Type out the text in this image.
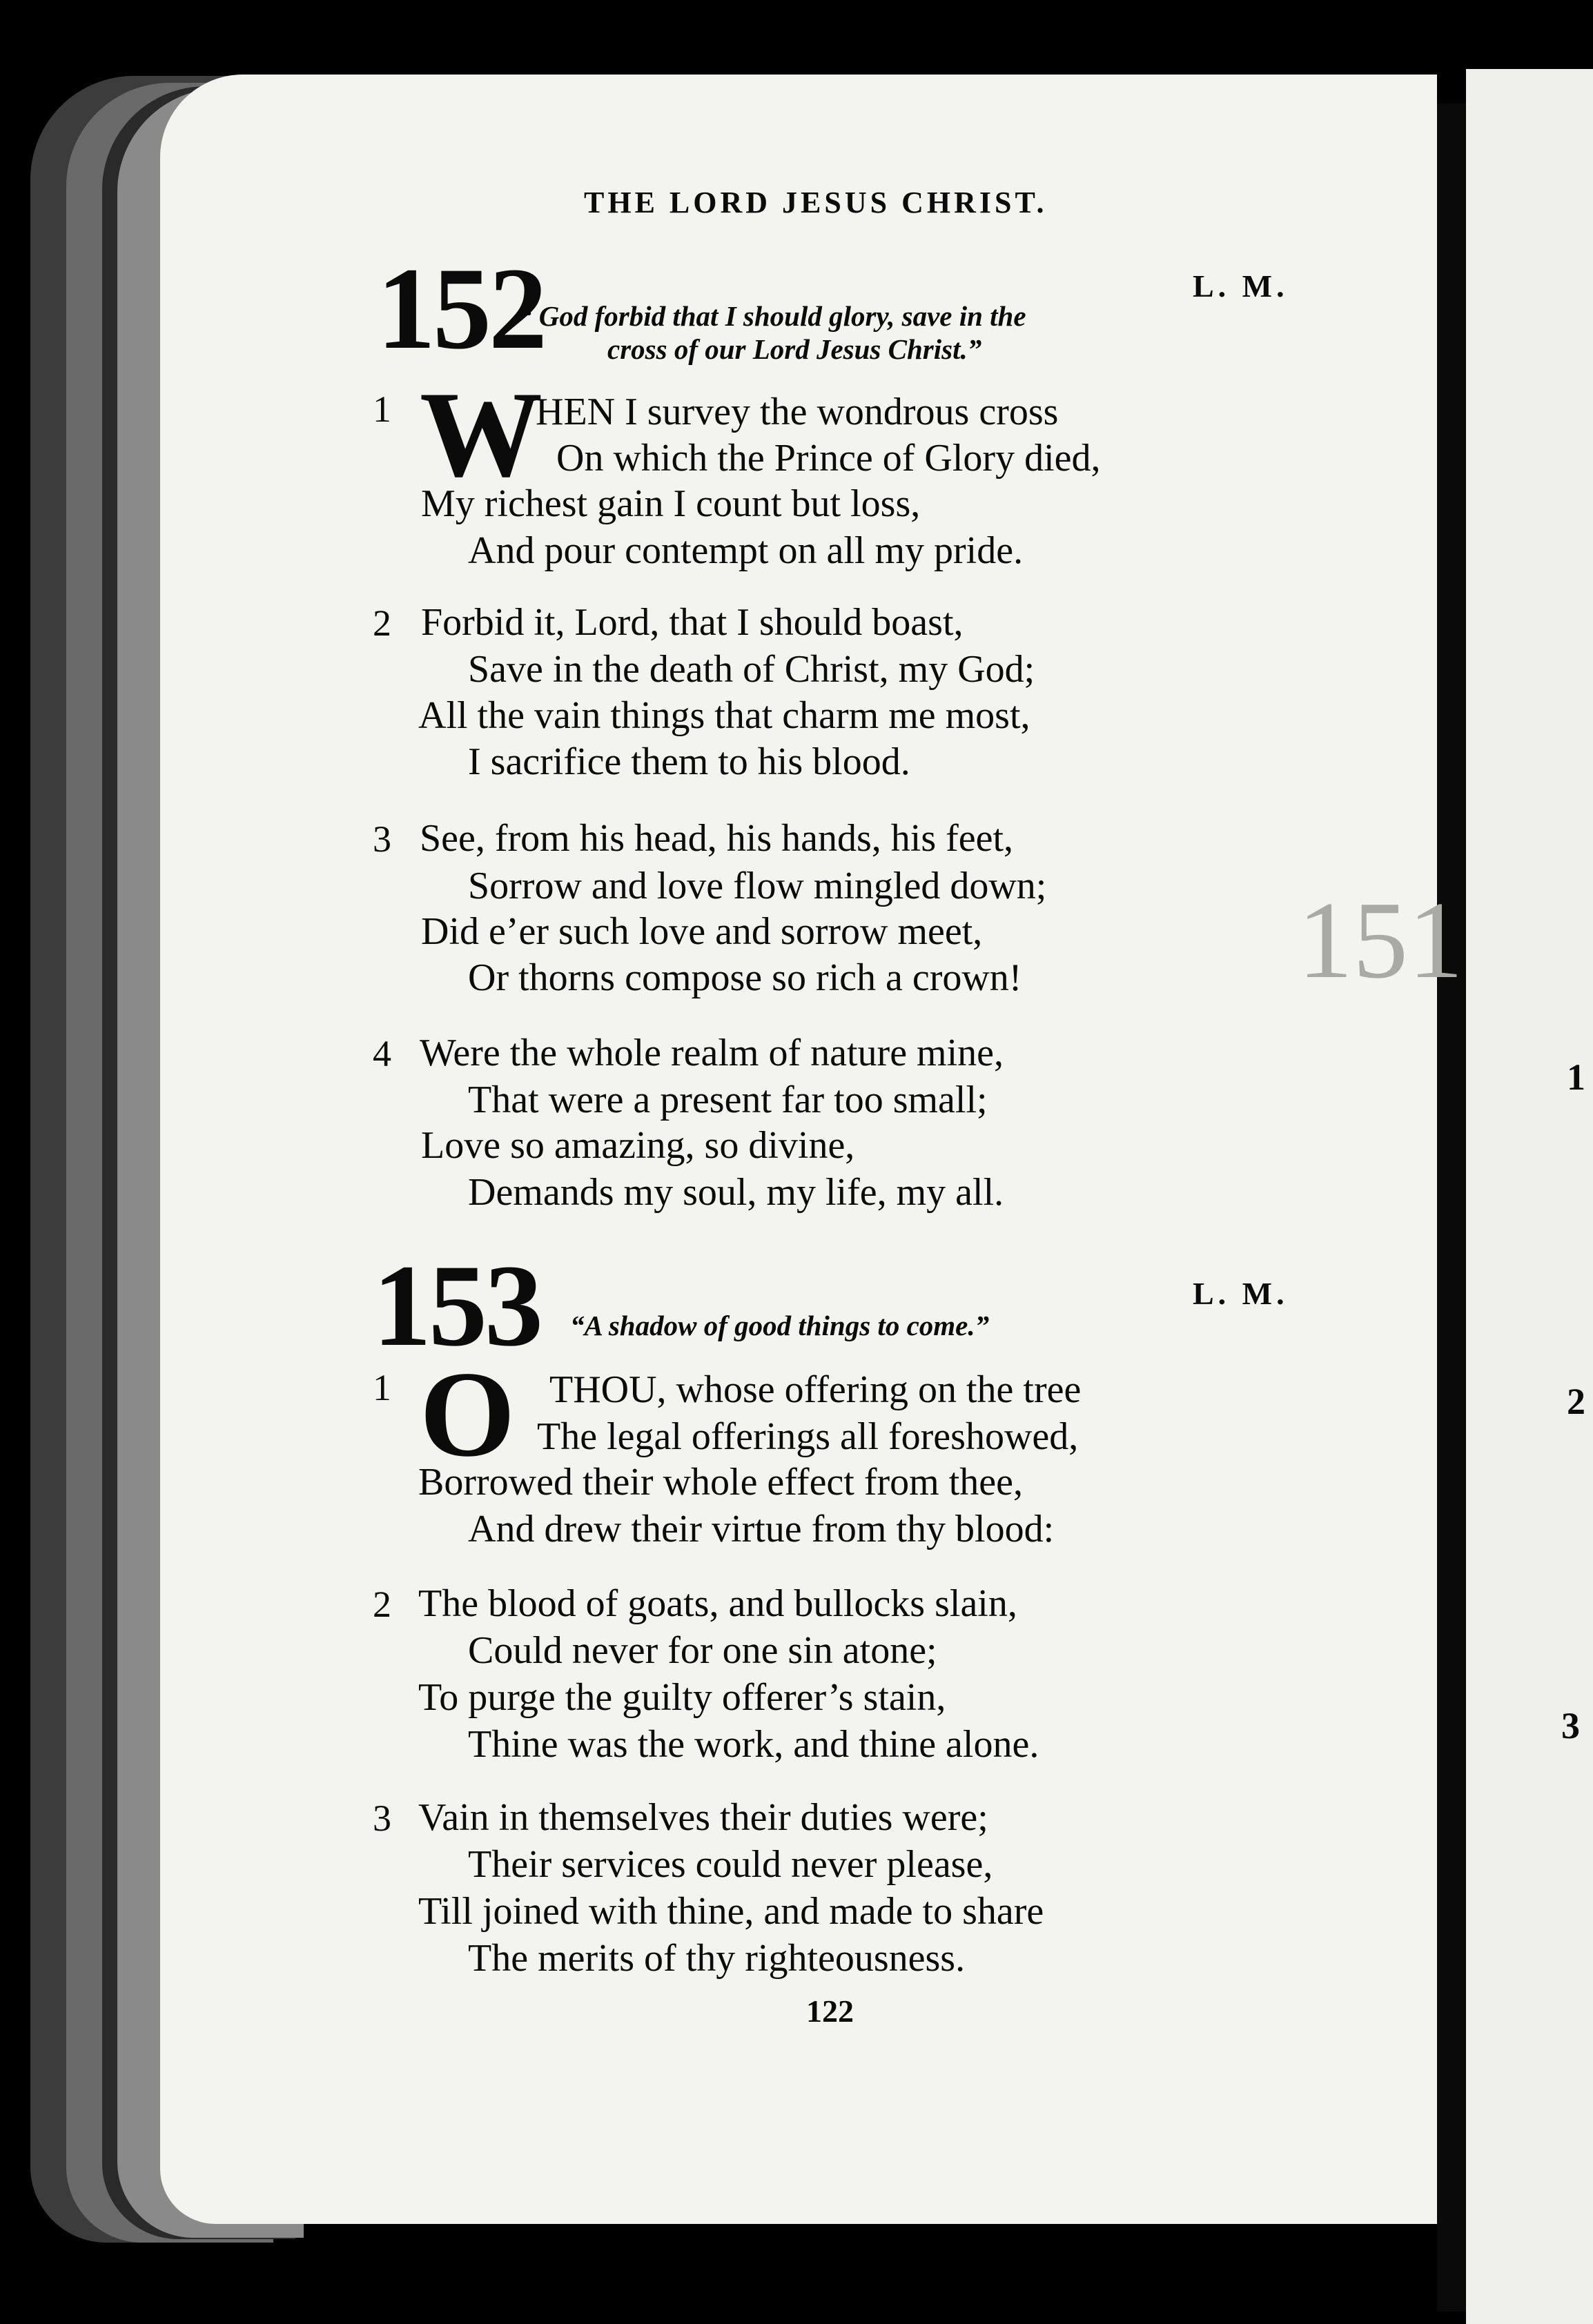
151
1
2
3
THE LORD JESUS CHRIST.
152	L. M.
“ God forbid that I should glory, save in the
cross of our Lord Jesus Christ.”
1 W
HEN I survey the wondrous cross
On which the Prince of Glory died,
My richest gain I count but loss,
And pour contempt on all my pride.
2 Forbid it, Lord, that I should boast,
Save in the death of Christ, my God;
All the vain things that charm me most,
I sacrifice them to his blood.
3 See, from his head, his hands, his feet,
Sorrow and love flow mingled down;
Did e’er such love and sorrow meet,
Or thorns compose so rich a crown!
4 Were the whole realm of nature mine,
That were a present far too small;
Love so amazing, so divine,
Demands my soul, my life, my all.
153	L. M.
“A shadow of good things to come.”
1 O THOU, whose offering on the tree
The legal offerings all foreshowed,
Borrowed their whole effect from thee,
And drew their virtue from thy blood:
2 The blood of goats, and bullocks slain,
Could never for one sin atone;
To purge the guilty offerer’s stain,
Thine was the work, and thine alone.
3 Vain in themselves their duties were;
Their services could never please,
Till joined with thine, and made to share
The merits of thy righteousness.
122
